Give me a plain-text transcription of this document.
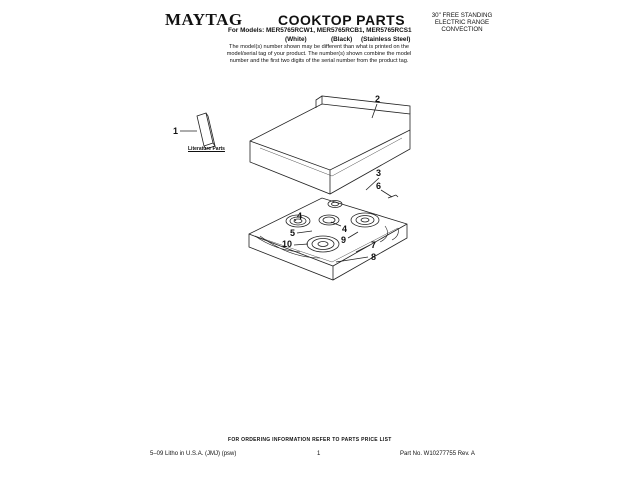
MAYTAG	COOKTOP PARTS
For Models: MER5765RCW1, MER5765RCB1, MER5765RCS1
(White)	(Black) (Stainless Steel)
The model(s) number shown may be different than what is printed on the model/serial tag of your product. The number(s) shown combine the model number and the first two digits of the serial number from the product tag.
30" FREE STANDING
ELECTRIC RANGE
CONVECTION
1
2
3
4
4
5
6
7
8
9
10
Literature Parts
FOR ORDERING INFORMATION REFER TO PARTS PRICE LIST
5–09 Litho in U.S.A. (JMJ) (psw)	1	Part No. W10277755 Rev. A
